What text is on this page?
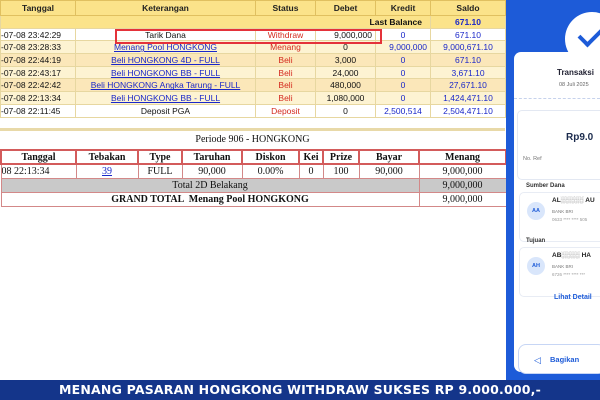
Tanggal	Keterangan	Status	Debet	Kredit	Saldo
Last Balance					671.10
-07-08 23:42:29	Tarik Dana	Withdraw	9,000,000	0	671.10
-07-08 23:28:33	Menang Pool HONGKONG	Menang	0	9,000,000	9,000,671.10
-07-08 22:44:19	Beli HONGKONG 4D - FULL	Beli	3,000	0	671.10
-07-08 22:43:17	Beli HONGKONG BB - FULL	Beli	24,000	0	3,671.10
-07-08 22:42:42	Beli HONGKONG Angka Tarung - FULL	Beli	480,000	0	27,671.10
-07-08 22:13:34	Beli HONGKONG BB - FULL	Beli	1,080,000	0	1,424,471.10
-07-08 22:11:45	Deposit PGA	Deposit	0	2,500,514	2,504,471.10
Periode 906 - HONGKONG
Tanggal	Tebakan	Type	Taruhan	Diskon	Kei	Prize	Bayar	Menang
08 22:13:34	39	FULL	90,000	0.00%	0	100	90,000	9,000,000
Total 2D Belakang								9,000,000
GRAND TOTAL  Menang Pool HONGKONG								9,000,000
Transaksi
08 Juli 2025
Rp9.0
No. Ref
Sumber Dana
AA
AL░░░░░ AU
BANK BRI
0633 **** **** 505
Tujuan
AH
AB░░░░ HA
BANK BRI
6726 **** **** ***
Lihat Detail
◁ Bagikan
MENANG PASARAN HONGKONG WITHDRAW SUKSES RP 9.000.000,-
